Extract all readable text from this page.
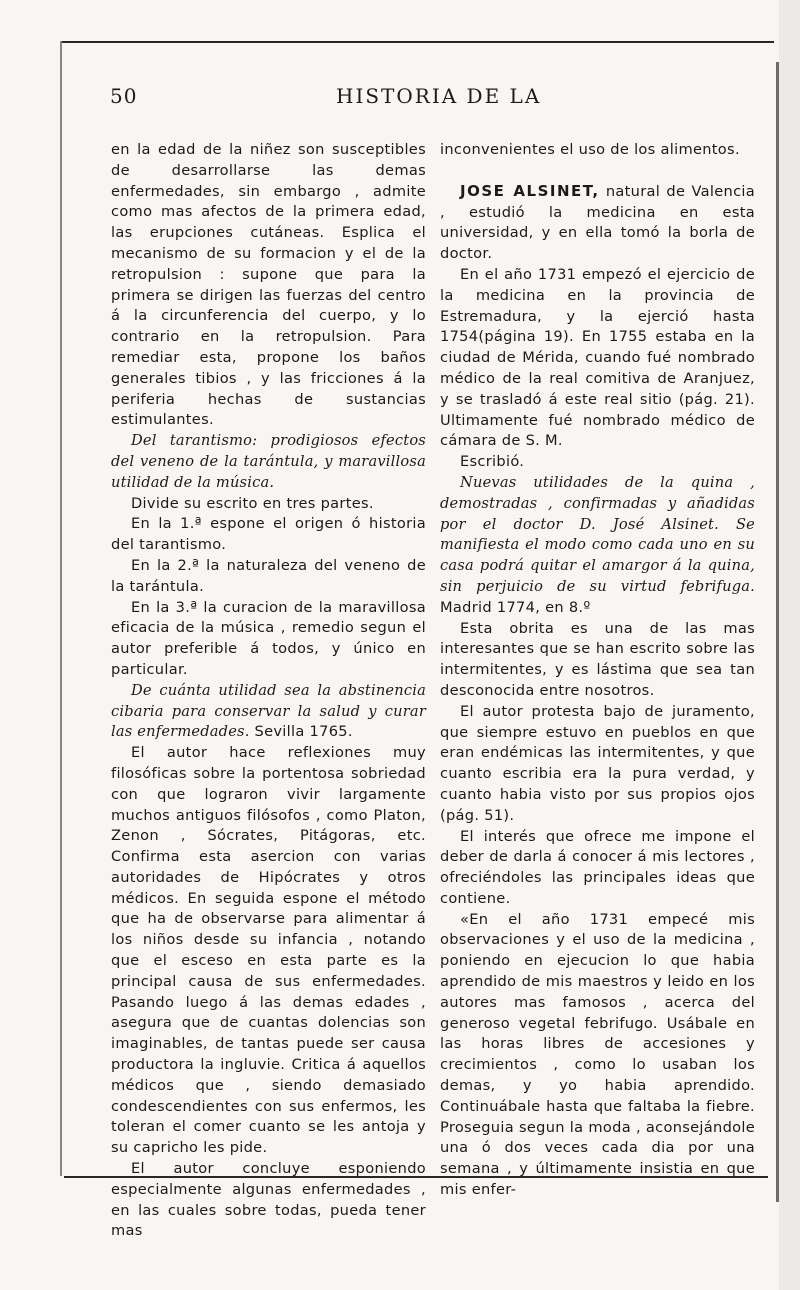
50	HISTORIA DE LA

en la edad de la niñez son susceptibles de desarrollarse las demas enfermedades, sin embargo , admite como mas afectos de la primera edad, las erupciones cutáneas. Esplica el mecanismo de su formacion y el de la retropulsion : supone que para la primera se dirigen las fuerzas del centro á la circunferencia del cuerpo, y lo contrario en la retropulsion. Para remediar esta, propone los baños generales tibios , y las fricciones á la periferia hechas de sustancias estimulantes.

Del tarantismo: prodigiosos efectos del veneno de la tarántula, y maravillosa utilidad de la música.

Divide su escrito en tres partes.

En la 1.ª espone el origen ó historia del tarantismo.

En la 2.ª la naturaleza del veneno de la tarántula.

En la 3.ª la curacion de la maravillosa eficacia de la música , remedio segun el autor preferible á todos, y único en particular.

De cuánta utilidad sea la abstinencia cibaria para conservar la salud y curar las enfermedades. Sevilla 1765.

El autor hace reflexiones muy filosóficas sobre la portentosa sobriedad con que lograron vivir largamente muchos antiguos filósofos , como Platon, Zenon , Sócrates, Pitágoras, etc. Confirma esta asercion con varias autoridades de Hipócrates y otros médicos. En seguida espone el método que ha de observarse para alimentar á los niños desde su infancia , notando que el esceso en esta parte es la principal causa de sus enfermedades. Pasando luego á las demas edades , asegura que de cuantas dolencias son imaginables, de tantas puede ser causa productora la ingluvie. Critica á aquellos médicos que , siendo demasiado condescendientes con sus enfermos, les toleran el comer cuanto se les antoja y su capricho les pide.

El autor concluye esponiendo especialmente algunas enfermedades , en las cuales sobre todas, pueda tener mas

inconvenientes el uso de los alimentos.

JOSE ALSINET, natural de Valencia , estudió la medicina en esta universidad, y en ella tomó la borla de doctor.

En el año 1731 empezó el ejercicio de la medicina en la provincia de Estremadura, y la ejerció hasta 1754(página 19). En 1755 estaba en la ciudad de Mérida, cuando fué nombrado médico de la real comitiva de Aranjuez, y se trasladó á este real sitio (pág. 21). Ultimamente fué nombrado médico de cámara de S. M.

Escribió.

Nuevas utilidades de la quina , demostradas , confirmadas y añadidas por el doctor D. José Alsinet. Se manifiesta el modo como cada uno en su casa podrá quitar el amargor á la quina, sin perjuicio de su virtud febrifuga. Madrid 1774, en 8.º

Esta obrita es una de las mas interesantes que se han escrito sobre las intermitentes, y es lástima que sea tan desconocida entre nosotros.

El autor protesta bajo de juramento, que siempre estuvo en pueblos en que eran endémicas las intermitentes, y que cuanto escribia era la pura verdad, y cuanto habia visto por sus propios ojos (pág. 51).

El interés que ofrece me impone el deber de darla á conocer á mis lectores , ofreciéndoles las principales ideas que contiene.

«En el año 1731 empecé mis observaciones y el uso de la medicina , poniendo en ejecucion lo que habia aprendido de mis maestros y leido en los autores mas famosos , acerca del generoso vegetal febrifugo. Usábale en las horas libres de accesiones y crecimientos , como lo usaban los demas, y yo habia aprendido. Continuábale hasta que faltaba la fiebre. Proseguia segun la moda , aconsejándole una ó dos veces cada dia por una semana , y últimamente insistia en que mis enfer-
